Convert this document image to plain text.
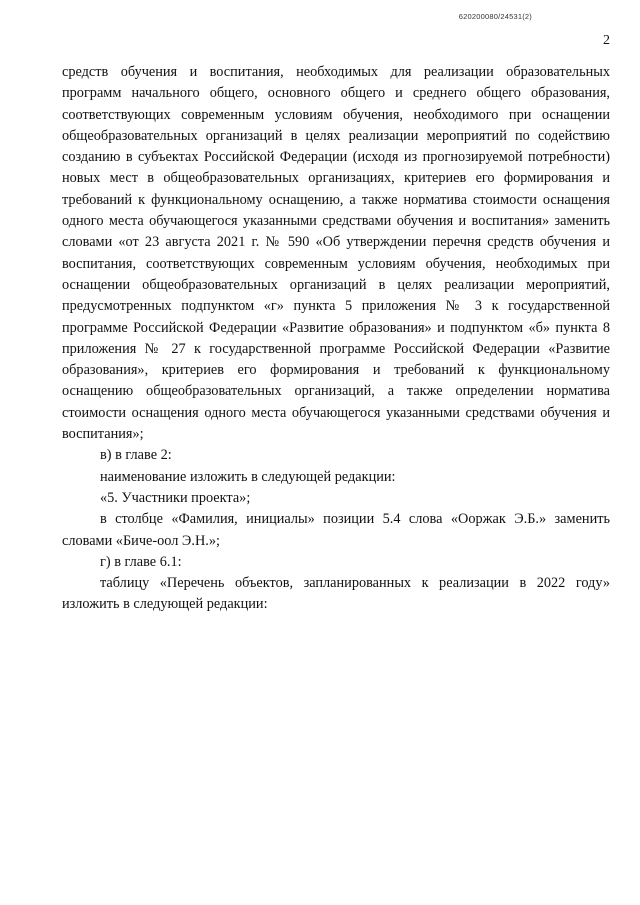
620200080/24531(2)
2

средств обучения и воспитания, необходимых для реализации образовательных программ начального общего, основного общего и среднего общего образования, соответствующих современным условиям обучения, необходимого при оснащении общеобразовательных организаций в целях реализации мероприятий по содействию созданию в субъектах Российской Федерации (исходя из прогнозируемой потребности) новых мест в общеобразовательных организациях, критериев его формирования и требований к функциональному оснащению, а также норматива стоимости оснащения одного места обучающегося указанными средствами обучения и воспитания» заменить словами «от 23 августа 2021 г. № 590 «Об утверждении перечня средств обучения и воспитания, соответствующих современным условиям обучения, необходимых при оснащении общеобразовательных организаций в целях реализации мероприятий, предусмотренных подпунктом «г» пункта 5 приложения № 3 к государственной программе Российской Федерации «Развитие образования» и подпунктом «б» пункта 8 приложения № 27 к государственной программе Российской Федерации «Развитие образования», критериев его формирования и требований к функциональному оснащению общеобразовательных организаций, а также определении норматива стоимости оснащения одного места обучающегося указанными средствами обучения и воспитания»;

в) в главе 2:

наименование изложить в следующей редакции:

«5. Участники проекта»;

в столбце «Фамилия, инициалы» позиции 5.4 слова «Ооржак Э.Б.» заменить словами «Биче-оол Э.Н.»;

г) в главе 6.1:

таблицу «Перечень объектов, запланированных к реализации в 2022 году» изложить в следующей редакции:
